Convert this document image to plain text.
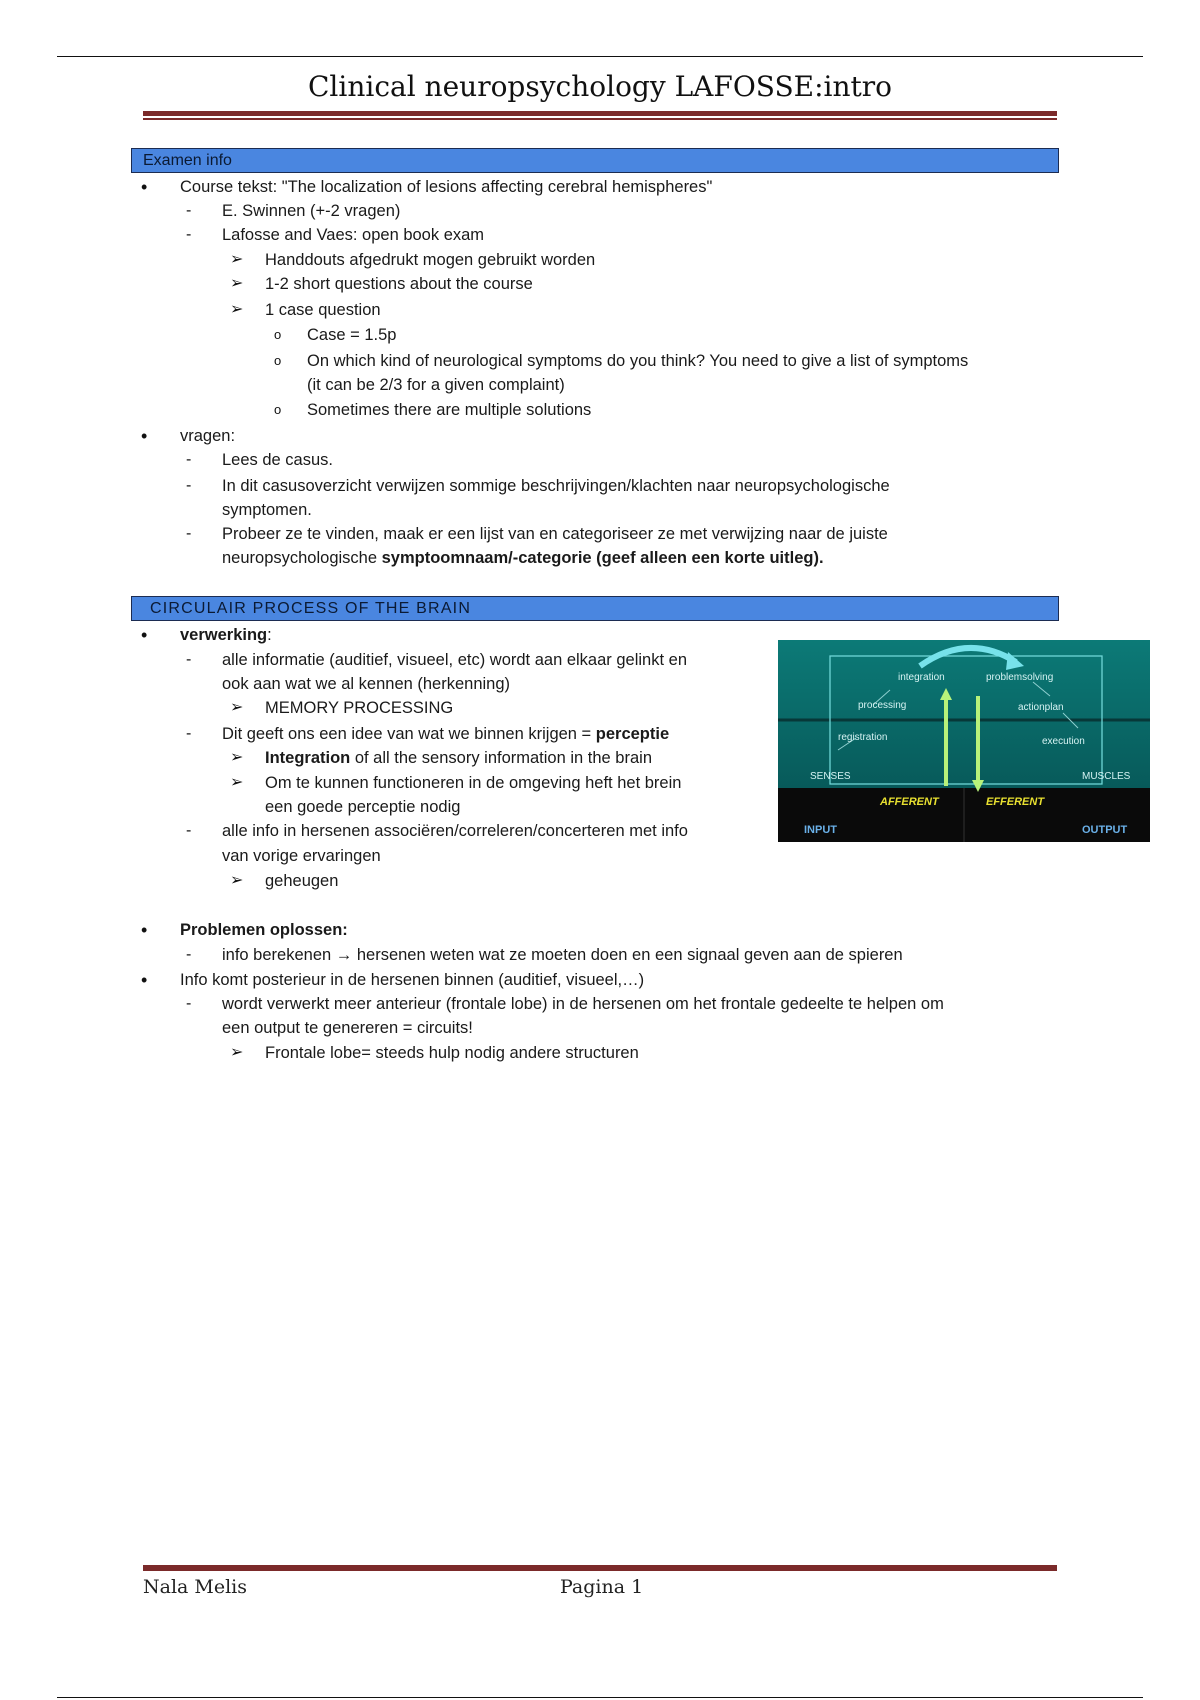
Clinical neuropsychology LAFOSSE:intro
Examen info
• Course tekst: "The localization of lesions affecting cerebral hemispheres"
- E. Swinnen (+-2 vragen)
- Lafosse and Vaes: open book exam
➢ Handdouts afgedrukt mogen gebruikt worden
➢ 1-2 short questions about the course
➢ 1 case question
o Case = 1.5p
o On which kind of neurological symptoms do you think? You need to give a list of symptoms
(it can be 2/3 for a given complaint)
o Sometimes there are multiple solutions
• vragen:
- Lees de casus.
- In dit casusoverzicht verwijzen sommige beschrijvingen/klachten naar neuropsychologische
symptomen.
- Probeer ze te vinden, maak er een lijst van en categoriseer ze met verwijzing naar de juiste
neuropsychologische symptoomnaam/-categorie (geef alleen een korte uitleg).
CIRCULAIR PROCESS OF THE BRAIN
• verwerking:
- alle informatie (auditief, visueel, etc) wordt aan elkaar gelinkt en
ook aan wat we al kennen (herkenning)
➢ MEMORY PROCESSING
- Dit geeft ons een idee van wat we binnen krijgen = perceptie
➢ Integration of all the sensory information in the brain
➢ Om te kunnen functioneren in de omgeving heft het brein
een goede perceptie nodig
- alle info in hersenen associëren/correleren/concerteren met info
van vorige ervaringen
➢ geheugen
• Problemen oplossen:
- info berekenen → hersenen weten wat ze moeten doen en een signaal geven aan de spieren
• Info komt posterieur in de hersenen binnen (auditief, visueel,…)
- wordt verwerkt meer anterieur (frontale lobe) in de hersenen om het frontale gedeelte te helpen om
een output te genereren = circuits!
➢ Frontale lobe= steeds hulp nodig andere structuren
integration	problemsolving
processing	actionplan
registration	execution
SENSES	MUSCLES
AFFERENT	EFFERENT
INPUT	OUTPUT
Nala Melis	Pagina 1
